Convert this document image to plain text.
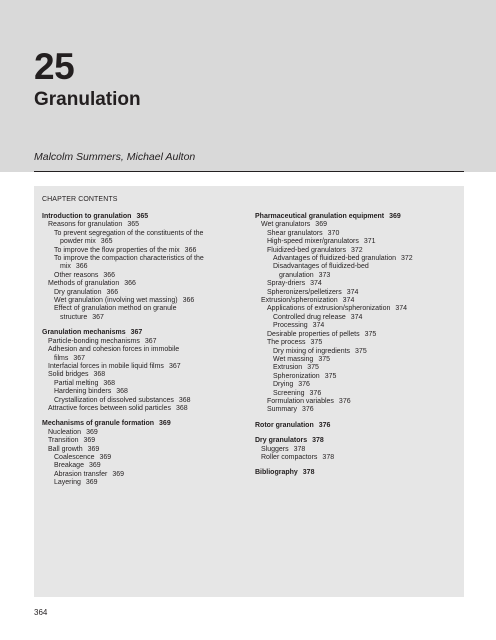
25
Granulation
Malcolm Summers, Michael Aulton
CHAPTER CONTENTS
Introduction to granulation 365
Reasons for granulation 365
To prevent segregation of the constituents of the
powder mix 365
To improve the flow properties of the mix 366
To improve the compaction characteristics of the
mix 366
Other reasons 366
Methods of granulation 366
Dry granulation 366
Wet granulation (involving wet massing) 366
Effect of granulation method on granule
structure 367
Granulation mechanisms 367
Particle-bonding mechanisms 367
Adhesion and cohesion forces in immobile
films 367
Interfacial forces in mobile liquid films 367
Solid bridges 368
Partial melting 368
Hardening binders 368
Crystallization of dissolved substances 368
Attractive forces between solid particles 368
Mechanisms of granule formation 369
Nucleation 369
Transition 369
Ball growth 369
Coalescence 369
Breakage 369
Abrasion transfer 369
Layering 369
Pharmaceutical granulation equipment 369
Wet granulators 369
Shear granulators 370
High-speed mixer/granulators 371
Fluidized-bed granulators 372
Advantages of fluidized-bed granulation 372
Disadvantages of fluidized-bed
granulation 373
Spray-driers 374
Spheronizers/pelletizers 374
Extrusion/spheronization 374
Applications of extrusion/spheronization 374
Controlled drug release 374
Processing 374
Desirable properties of pellets 375
The process 375
Dry mixing of ingredients 375
Wet massing 375
Extrusion 375
Spheronization 375
Drying 376
Screening 376
Formulation variables 376
Summary 376
Rotor granulation 376
Dry granulators 378
Sluggers 378
Roller compactors 378
Bibliography 378
364
